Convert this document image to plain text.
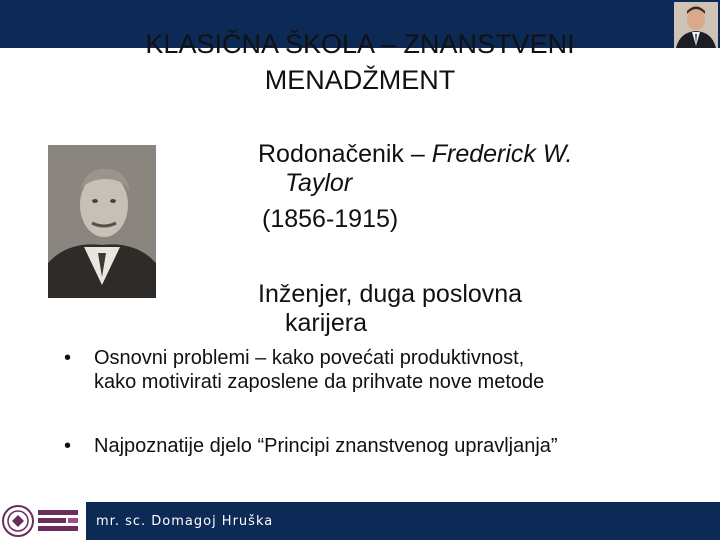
KLASIČNA ŠKOLA – ZNANSTVENI
MENADŽMENT
Rodonačenik – Frederick W.
Taylor
(1856-1915)
Inženjer, duga poslovna
karijera
• Osnovni problemi – kako povećati produktivnost,
kako motivirati zaposlene da prihvate nove metode
• Najpoznatije djelo “Principi znanstvenog upravljanja”
mr. sc. Domagoj Hruška
